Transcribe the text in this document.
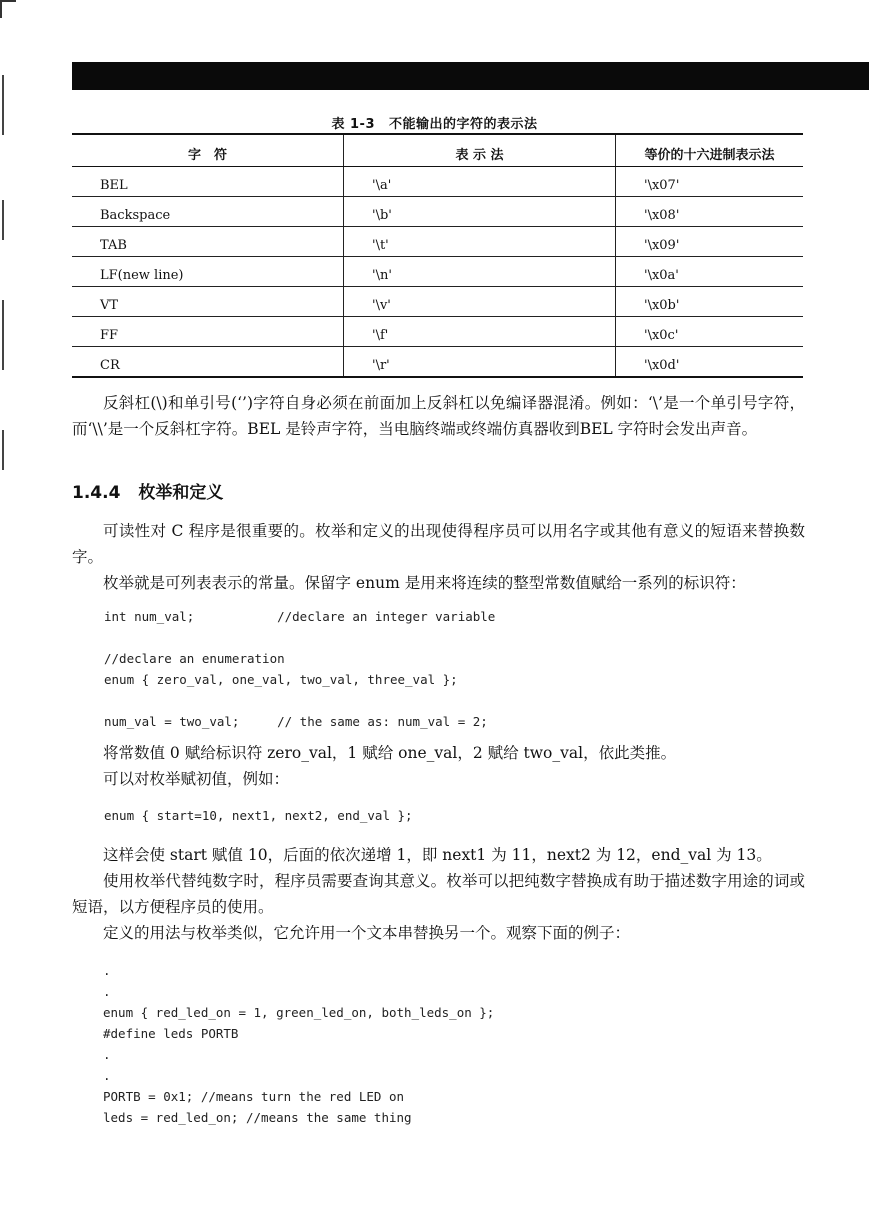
表 1-3 不能输出的字符的表示法
字　符	表 示 法	等价的十六进制表示法
BEL	'\a'	'\x07'
Backspace	'\b'	'\x08'
TAB	'\t'	'\x09'
LF(new line)	'\n'	'\x0a'
VT	'\v'	'\x0b'
FF	'\f'	'\x0c'
CR	'\r'	'\x0d'

反斜杠(\)和单引号(‘’)字符自身必须在前面加上反斜杠以免编译器混淆。例如：‘\’是一个单引号字符，而‘\\’是一个反斜杠字符。BEL 是铃声字符，当电脑终端或终端仿真器收到BEL 字符时会发出声音。

1.4.4 枚举和定义

可读性对 C 程序是很重要的。枚举和定义的出现使得程序员可以用名字或其他有意义的短语来替换数字。

枚举就是可列表表示的常量。保留字 enum 是用来将连续的整型常数值赋给一系列的标识符：

int num_val;           //declare an integer variable

//declare an enumeration
enum { zero_val, one_val, two_val, three_val };

num_val = two_val;     // the same as: num_val = 2;

将常数值 0 赋给标识符 zero_val，1 赋给 one_val，2 赋给 two_val，依此类推。

可以对枚举赋初值，例如：

enum { start=10, next1, next2, end_val };

这样会使 start 赋值 10，后面的依次递增 1，即 next1 为 11，next2 为 12，end_val 为 13。

使用枚举代替纯数字时，程序员需要查询其意义。枚举可以把纯数字替换成有助于描述数字用途的词或短语，以方便程序员的使用。

定义的用法与枚举类似，它允许用一个文本串替换另一个。观察下面的例子：

.
.
enum { red_led_on = 1, green_led_on, both_leds_on };
#define leds PORTB
.
.
PORTB = 0x1; //means turn the red LED on
leds = red_led_on; //means the same thing
